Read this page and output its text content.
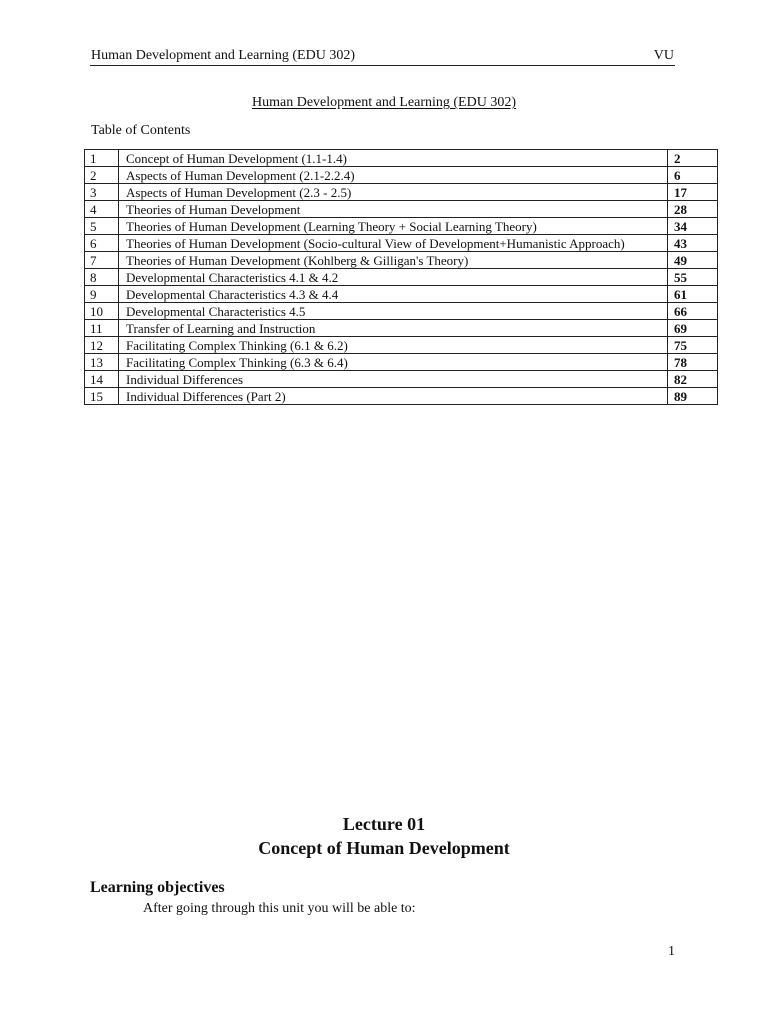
Human Development and Learning (EDU 302)	VU
Human Development and Learning (EDU 302)
Table of Contents
1	Concept of Human Development (1.1-1.4)	2
2	Aspects of Human Development (2.1-2.2.4)	6
3	Aspects of Human Development (2.3 - 2.5)	17
4	Theories of Human Development	28
5	Theories of Human Development (Learning Theory + Social Learning Theory)	34
6	Theories of Human Development (Socio-cultural View of Development+Humanistic Approach)	43
7	Theories of Human Development (Kohlberg & Gilligan's Theory)	49
8	Developmental Characteristics 4.1 & 4.2	55
9	Developmental Characteristics 4.3 & 4.4	61
10	Developmental Characteristics 4.5	66
11	Transfer of Learning and Instruction	69
12	Facilitating Complex Thinking (6.1 & 6.2)	75
13	Facilitating Complex Thinking (6.3 & 6.4)	78
14	Individual Differences	82
15	Individual Differences (Part 2)	89
Lecture 01
Concept of Human Development
Learning objectives
After going through this unit you will be able to:
1
